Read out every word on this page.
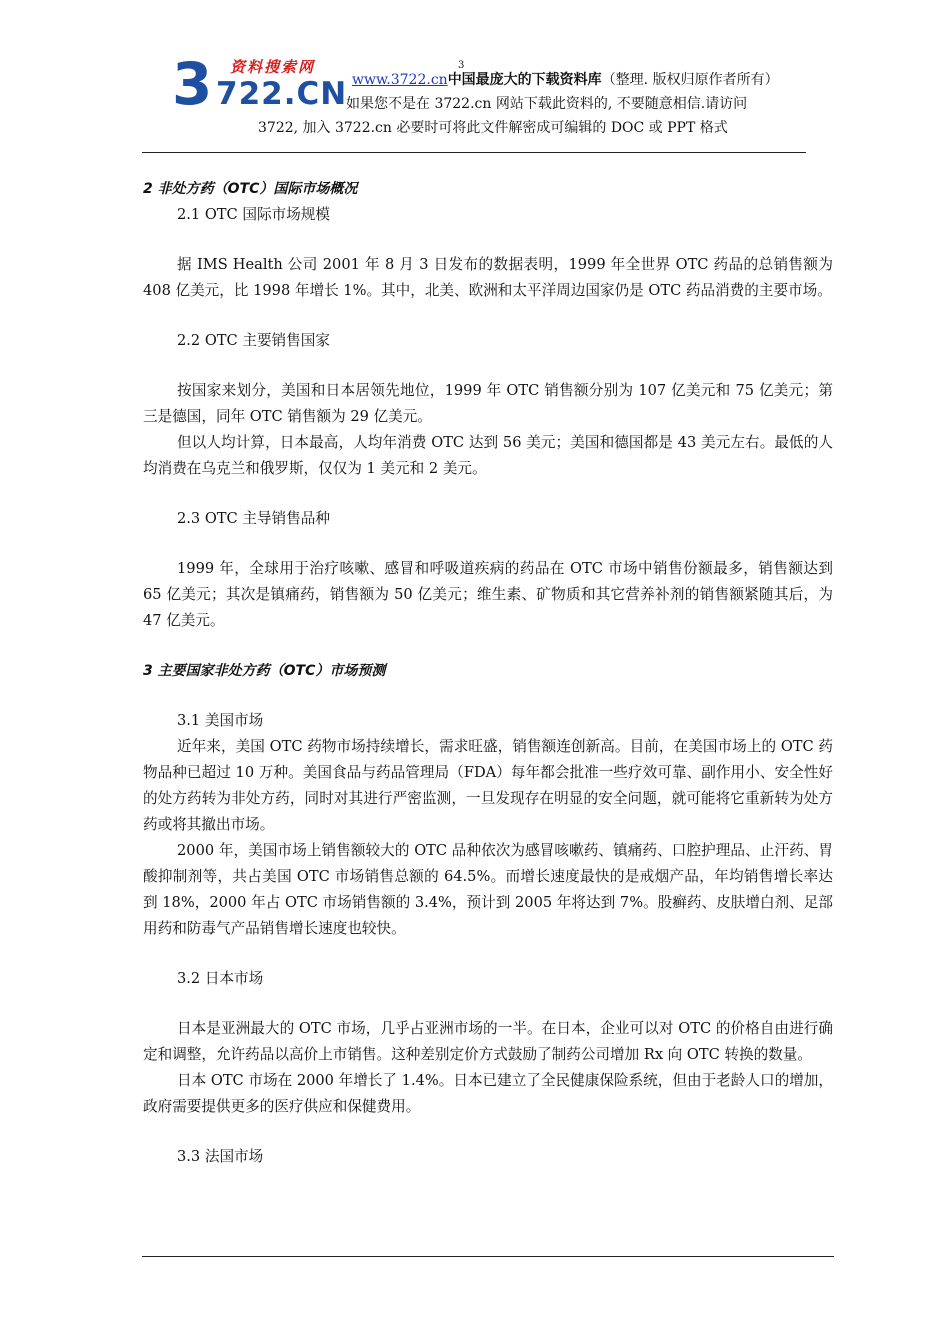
资料搜索网
3 722.CN
3
www.3722.cn中国最庞大的下载资料库（整理. 版权归原作者所有）
如果您不是在 3722.cn 网站下载此资料的, 不要随意相信.请访问
3722, 加入 3722.cn 必要时可将此文件解密成可编辑的 DOC 或 PPT 格式

2 非处方药（OTC）国际市场概况

2.1 OTC 国际市场规模

据 IMS Health 公司 2001 年 8 月 3 日发布的数据表明，1999 年全世界 OTC 药品的总销售额为 408 亿美元，比 1998 年增长 1%。其中，北美、欧洲和太平洋周边国家仍是 OTC 药品消费的主要市场。

2.2 OTC 主要销售国家

按国家来划分，美国和日本居领先地位，1999 年 OTC 销售额分别为 107 亿美元和 75 亿美元；第三是德国，同年 OTC 销售额为 29 亿美元。

但以人均计算，日本最高，人均年消费 OTC 达到 56 美元；美国和德国都是 43 美元左右。最低的人均消费在乌克兰和俄罗斯，仅仅为 1 美元和 2 美元。

2.3 OTC 主导销售品种

1999 年，全球用于治疗咳嗽、感冒和呼吸道疾病的药品在 OTC 市场中销售份额最多，销售额达到 65 亿美元；其次是镇痛药，销售额为 50 亿美元；维生素、矿物质和其它营养补剂的销售额紧随其后，为 47 亿美元。

3 主要国家非处方药（OTC）市场预测

3.1 美国市场

近年来，美国 OTC 药物市场持续增长，需求旺盛，销售额连创新高。目前，在美国市场上的 OTC 药物品种已超过 10 万种。美国食品与药品管理局（FDA）每年都会批准一些疗效可靠、副作用小、安全性好的处方药转为非处方药，同时对其进行严密监测，一旦发现存在明显的安全问题，就可能将它重新转为处方药或将其撤出市场。

2000 年，美国市场上销售额较大的 OTC 品种依次为感冒咳嗽药、镇痛药、口腔护理品、止汗药、胃酸抑制剂等，共占美国 OTC 市场销售总额的 64.5%。而增长速度最快的是戒烟产品，年均销售增长率达到 18%，2000 年占 OTC 市场销售额的 3.4%，预计到 2005 年将达到 7%。股癣药、皮肤增白剂、足部用药和防毒气产品销售增长速度也较快。

3.2 日本市场

日本是亚洲最大的 OTC 市场，几乎占亚洲市场的一半。在日本，企业可以对 OTC 的价格自由进行确定和调整，允许药品以高价上市销售。这种差别定价方式鼓励了制药公司增加 Rx 向 OTC 转换的数量。

日本 OTC 市场在 2000 年增长了 1.4%。日本已建立了全民健康保险系统，但由于老龄人口的增加，政府需要提供更多的医疗供应和保健费用。

3.3 法国市场
